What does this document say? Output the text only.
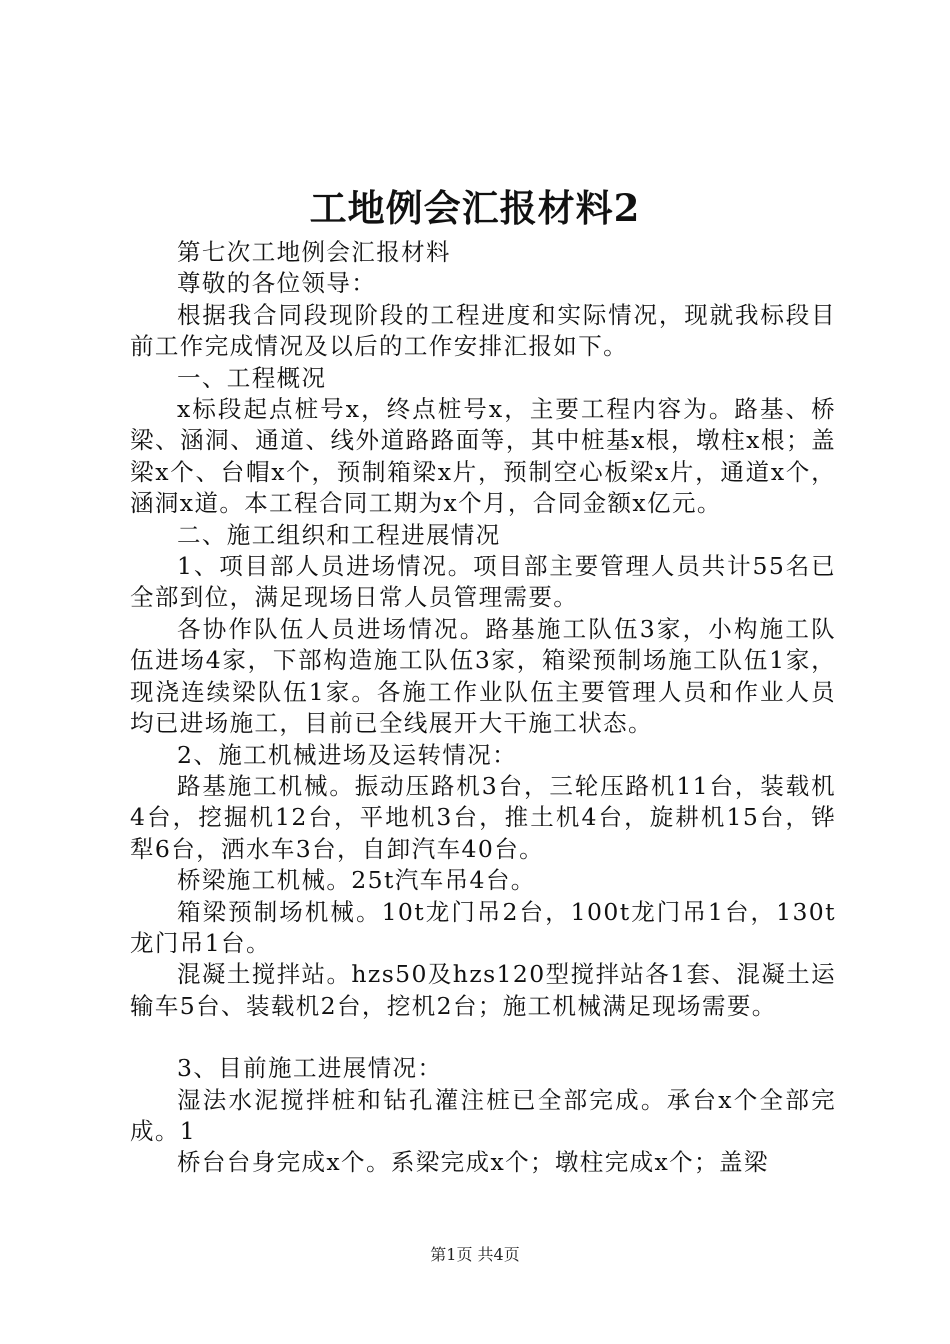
工地例会汇报材料2

第七次工地例会汇报材料

尊敬的各位领导：

根据我合同段现阶段的工程进度和实际情况，现就我标段目前工作完成情况及以后的工作安排汇报如下。

一、工程概况

x标段起点桩号x，终点桩号x，主要工程内容为。路基、桥梁、涵洞、通道、线外道路路面等，其中桩基x根，墩柱x根；盖梁x个、台帽x个，预制箱梁x片，预制空心板梁x片，通道x个，涵洞x道。本工程合同工期为x个月，合同金额x亿元。

二、施工组织和工程进展情况

1、项目部人员进场情况。项目部主要管理人员共计55名已全部到位，满足现场日常人员管理需要。

各协作队伍人员进场情况。路基施工队伍3家，小构施工队伍进场4家，下部构造施工队伍3家，箱梁预制场施工队伍1家，现浇连续梁队伍1家。各施工作业队伍主要管理人员和作业人员均已进场施工，目前已全线展开大干施工状态。

2、施工机械进场及运转情况：

路基施工机械。振动压路机3台，三轮压路机11台，装载机4台，挖掘机12台，平地机3台，推土机4台，旋耕机15台，铧犁6台，洒水车3台，自卸汽车40台。

桥梁施工机械。25t汽车吊4台。

箱梁预制场机械。10t龙门吊2台，100t龙门吊1台，130t龙门吊1台。

混凝土搅拌站。hzs50及hzs120型搅拌站各1套、混凝土运输车5台、装载机2台，挖机2台；施工机械满足现场需要。

3、目前施工进展情况：

湿法水泥搅拌桩和钻孔灌注桩已全部完成。承台x个全部完成。1

桥台台身完成x个。系梁完成x个；墩柱完成x个；盖梁

第1页 共4页
